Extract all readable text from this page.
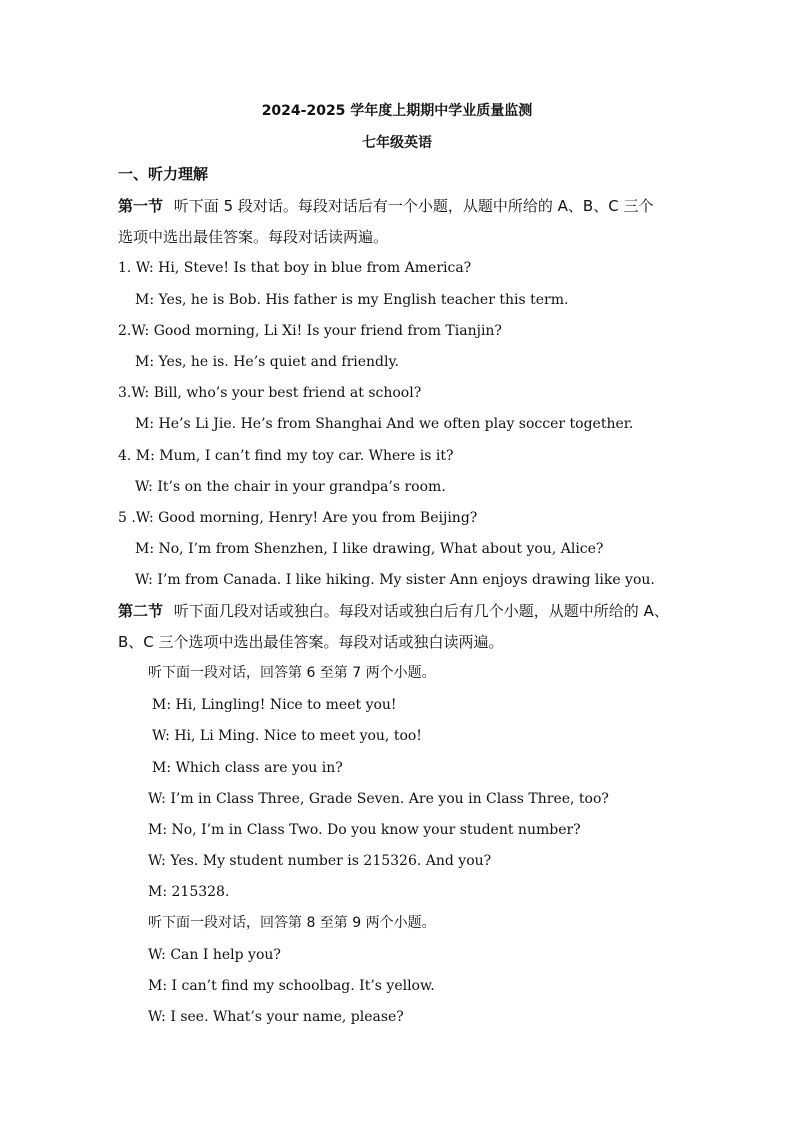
2024-2025 学年度上期期中学业质量监测
七年级英语
一、听力理解
第一节 听下面 5 段对话。每段对话后有一个小题，从题中所给的 A、B、C 三个
选项中选出最佳答案。每段对话读两遍。
1. W: Hi, Steve! Is that boy in blue from America?
M: Yes, he is Bob. His father is my English teacher this term.
2.W: Good morning, Li Xi! Is your friend from Tianjin?
M: Yes, he is. He’s quiet and friendly.
3.W: Bill, who’s your best friend at school?
M: He’s Li Jie. He’s from Shanghai And we often play soccer together.
4. M: Mum, I can’t find my toy car. Where is it?
W: It’s on the chair in your grandpa’s room.
5 .W: Good morning, Henry! Are you from Beijing?
M: No, I’m from Shenzhen, I like drawing, What about you, Alice?
W: I’m from Canada. I like hiking. My sister Ann enjoys drawing like you.
第二节 听下面几段对话或独白。每段对话或独白后有几个小题，从题中所给的 A、
B、C 三个选项中选出最佳答案。每段对话或独白读两遍。
听下面一段对话，回答第 6 至第 7 两个小题。
M: Hi, Lingling! Nice to meet you!
W: Hi, Li Ming. Nice to meet you, too!
M: Which class are you in?
W: I’m in Class Three, Grade Seven. Are you in Class Three, too?
M: No, I’m in Class Two. Do you know your student number?
W: Yes. My student number is 215326. And you?
M: 215328.
听下面一段对话，回答第 8 至第 9 两个小题。
W: Can I help you?
M: I can’t find my schoolbag. It’s yellow.
W: I see. What’s your name, please?
